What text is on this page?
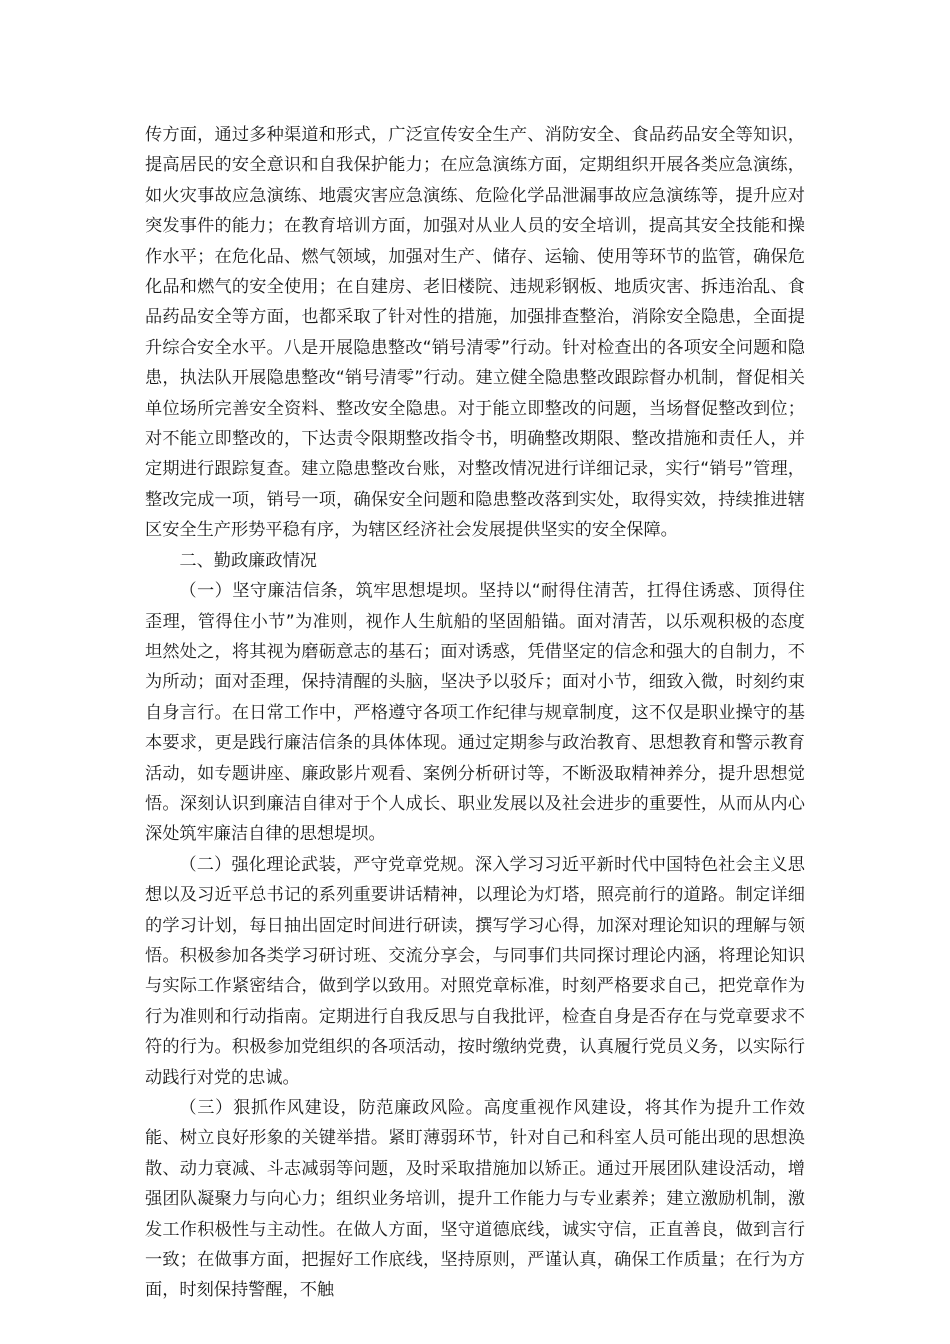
传方面，通过多种渠道和形式，广泛宣传安全生产、消防安全、食品药品安全等知识，提高居民的安全意识和自我保护能力；在应急演练方面，定期组织开展各类应急演练，如火灾事故应急演练、地震灾害应急演练、危险化学品泄漏事故应急演练等，提升应对突发事件的能力；在教育培训方面，加强对从业人员的安全培训，提高其安全技能和操作水平；在危化品、燃气领域，加强对生产、储存、运输、使用等环节的监管，确保危化品和燃气的安全使用；在自建房、老旧楼院、违规彩钢板、地质灾害、拆违治乱、食品药品安全等方面，也都采取了针对性的措施，加强排查整治，消除安全隐患，全面提升综合安全水平。八是开展隐患整改“销号清零”行动。针对检查出的各项安全问题和隐患，执法队开展隐患整改“销号清零”行动。建立健全隐患整改跟踪督办机制，督促相关单位场所完善安全资料、整改安全隐患。对于能立即整改的问题，当场督促整改到位；对不能立即整改的，下达责令限期整改指令书，明确整改期限、整改措施和责任人，并定期进行跟踪复查。建立隐患整改台账，对整改情况进行详细记录，实行“销号”管理，整改完成一项，销号一项，确保安全问题和隐患整改落到实处，取得实效，持续推进辖区安全生产形势平稳有序，为辖区经济社会发展提供坚实的安全保障。

二、勤政廉政情况

（一）坚守廉洁信条，筑牢思想堤坝。坚持以“耐得住清苦，扛得住诱惑、顶得住歪理，管得住小节”为准则，视作人生航船的坚固船锚。面对清苦，以乐观积极的态度坦然处之，将其视为磨砺意志的基石；面对诱惑，凭借坚定的信念和强大的自制力，不为所动；面对歪理，保持清醒的头脑，坚决予以驳斥；面对小节，细致入微，时刻约束自身言行。在日常工作中，严格遵守各项工作纪律与规章制度，这不仅是职业操守的基本要求，更是践行廉洁信条的具体体现。通过定期参与政治教育、思想教育和警示教育活动，如专题讲座、廉政影片观看、案例分析研讨等，不断汲取精神养分，提升思想觉悟。深刻认识到廉洁自律对于个人成长、职业发展以及社会进步的重要性，从而从内心深处筑牢廉洁自律的思想堤坝。

（二）强化理论武装，严守党章党规。深入学习习近平新时代中国特色社会主义思想以及习近平总书记的系列重要讲话精神，以理论为灯塔，照亮前行的道路。制定详细的学习计划，每日抽出固定时间进行研读，撰写学习心得，加深对理论知识的理解与领悟。积极参加各类学习研讨班、交流分享会，与同事们共同探讨理论内涵，将理论知识与实际工作紧密结合，做到学以致用。对照党章标准，时刻严格要求自己，把党章作为行为准则和行动指南。定期进行自我反思与自我批评，检查自身是否存在与党章要求不符的行为。积极参加党组织的各项活动，按时缴纳党费，认真履行党员义务，以实际行动践行对党的忠诚。

（三）狠抓作风建设，防范廉政风险。高度重视作风建设，将其作为提升工作效能、树立良好形象的关键举措。紧盯薄弱环节，针对自己和科室人员可能出现的思想涣散、动力衰减、斗志减弱等问题，及时采取措施加以矫正。通过开展团队建设活动，增强团队凝聚力与向心力；组织业务培训，提升工作能力与专业素养；建立激励机制，激发工作积极性与主动性。在做人方面，坚守道德底线，诚实守信，正直善良，做到言行一致；在做事方面，把握好工作底线，坚持原则，严谨认真，确保工作质量；在行为方面，时刻保持警醒，不触
